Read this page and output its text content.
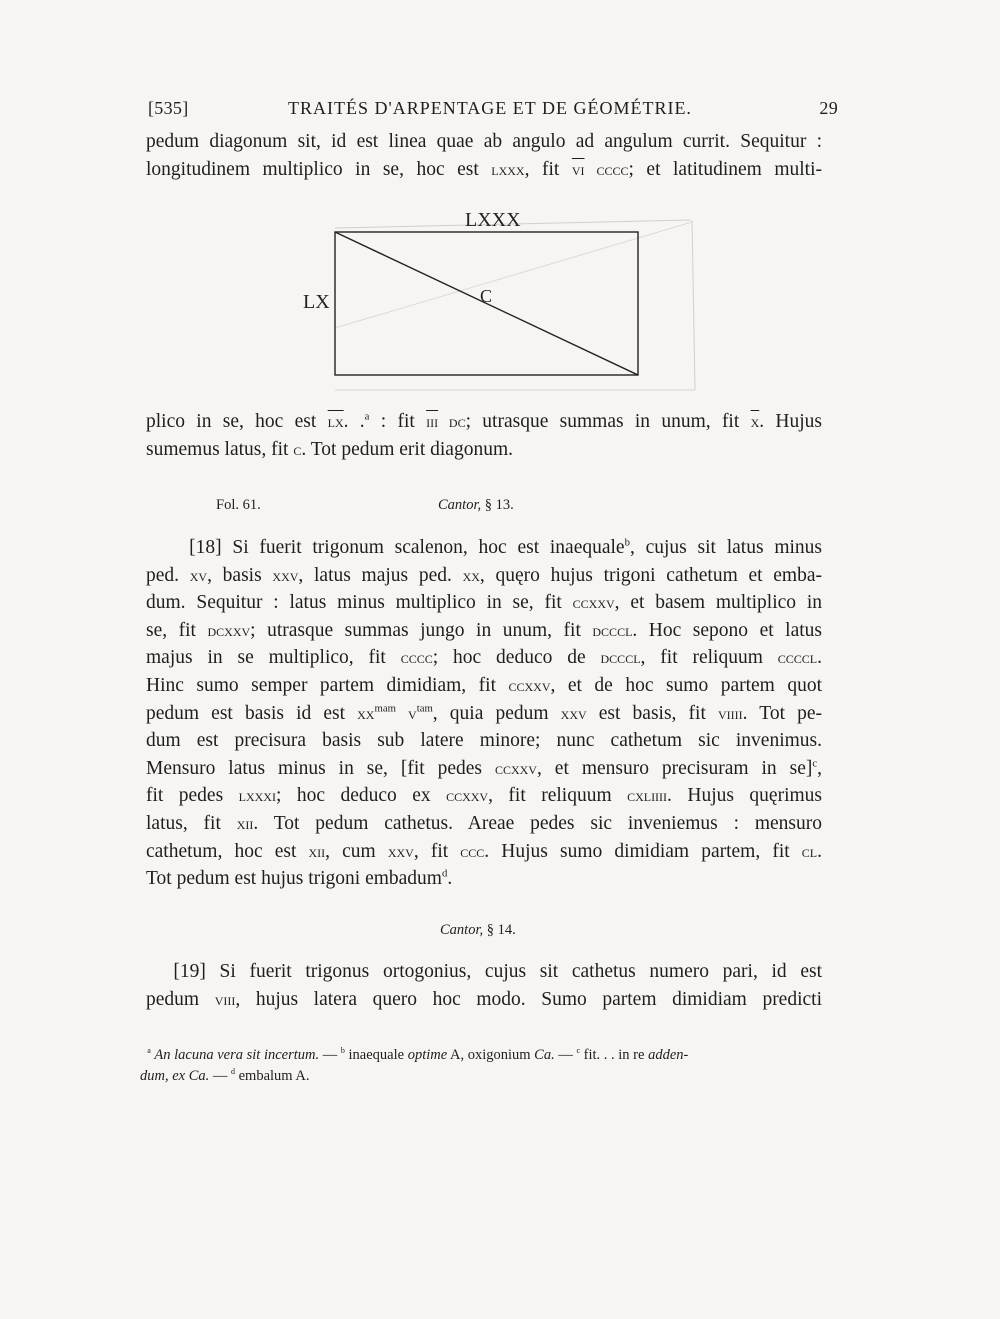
[535]	TRAITÉS D'ARPENTAGE ET DE GÉOMÉTRIE.	29
pedum diagonum sit, id est linea quae ab angulo ad angulum currit. Sequitur :
longitudinem multiplico in se, hoc est lxxx, fit $\overline{vi}$ cccc; et latitudinem multi-
LXXX
LX	C
plico in se, hoc est $\overline{lx}$. .$^a$ : fit $\overline{iii}$ dc; utrasque summas in unum, fit $\overline{x}$. Hujus
sumemus latus, fit c. Tot pedum erit diagonum.
Fol. 61.	Cantor, § 13.
[18] Si fuerit trigonum scalenon, hoc est inaequale$^b$, cujus sit latus minus
ped. xv, basis xxv, latus majus ped. xx, quęro hujus trigoni cathetum et emba-
dum. Sequitur : latus minus multiplico in se, fit ccxxv, et basem multiplico in
se, fit dcxxv; utrasque summas jungo in unum, fit dcccl. Hoc sepono et latus
majus in se multiplico, fit cccc; hoc deduco de dcccl, fit reliquum ccccl.
Hinc sumo semper partem dimidiam, fit ccxxv, et de hoc sumo partem quot
pedum est basis id est $xx^{mam}$ $v^{tam}$, quia pedum xxv est basis, fit viiii. Tot pe-
dum est precisura basis sub latere minore; nunc cathetum sic invenimus.
Mensuro latus minus in se, [fit pedes ccxxv, et mensuro precisuram in se]$^c$,
fit pedes lxxxi; hoc deduco ex ccxxv, fit reliquum cxliiii. Hujus quęrimus
latus, fit xii. Tot pedum cathetus. Areae pedes sic inveniemus : mensuro
cathetum, hoc est xii, cum xxv, fit ccc. Hujus sumo dimidiam partem, fit cl.
Tot pedum est hujus trigoni embadum$^d$.
Cantor, § 14.
[19] Si fuerit trigonus ortogonius, cujus sit cathetus numero pari, id est
pedum viii, hujus latera quero hoc modo. Sumo partem dimidiam predicti
$^a$ An lacuna vera sit incertum. — $^b$ inaequale optime A, oxigonium Ca. — $^c$ fit. . . in re adden-
dum, ex Ca. — $^d$ embalum A.
